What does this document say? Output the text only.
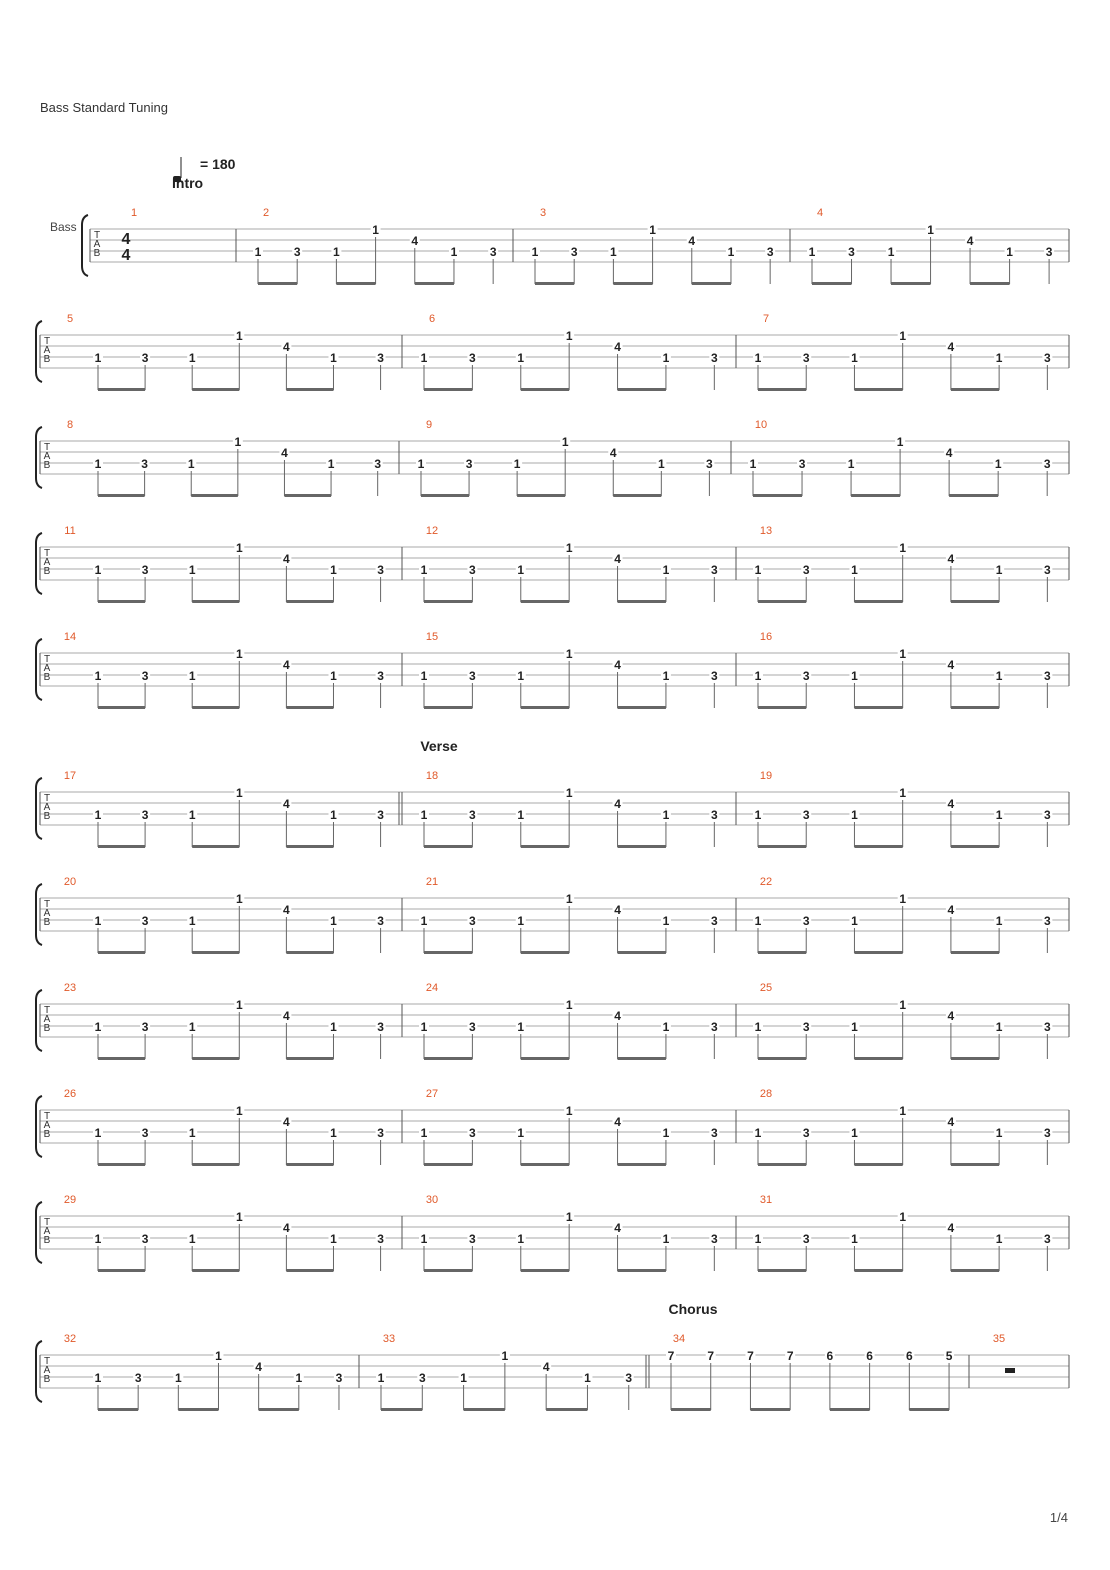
Bass Standard Tuning
= 180
Intro
Bass
T
A
B
1
4
4
2
1	3	1
1
4
1	3
3
1	3	1
1
4
1	3
4
1	3	1
1
4
1	3
T
A
B
5
1	3	1
1
4
1	3
6
1	3	1
1
4
1	3
7
1	3	1
1
4
1	3
T
A
B
8
1	3	1
1
4
1	3
9
1	3	1
1
4
1	3
10
1	3	1
1
4
1	3
T
A
B
11
1	3	1
1
4
1	3
12
1	3	1
1
4
1	3
13
1	3	1
1
4
1	3
T
A
B
14
1	3	1
1
4
1	3
15
1	3	1
1
4
1	3
16
1	3	1
1
4
1	3
T
A
B
Verse
17
1	3	1
1
4
1	3
18
1	3	1
1
4
1	3
19
1	3	1
1
4
1	3
T
A
B
20
1	3	1
1
4
1	3
21
1	3	1
1
4
1	3
22
1	3	1
1
4
1	3
T
A
B
23
1	3	1
1
4
1	3
24
1	3	1
1
4
1	3
25
1	3	1
1
4
1	3
T
A
B
26
1	3	1
1
4
1	3
27
1	3	1
1
4
1	3
28
1	3	1
1
4
1	3
T
A
B
29
1	3	1
1
4
1	3
30
1	3	1
1
4
1	3
31
1	3	1
1
4
1	3
T
A
B
Chorus
32
1	3	1
1
4
1	3
33
1	3	1
1
4
1	3
34
7	7	7	7	6	6	6	5
35
1/4
